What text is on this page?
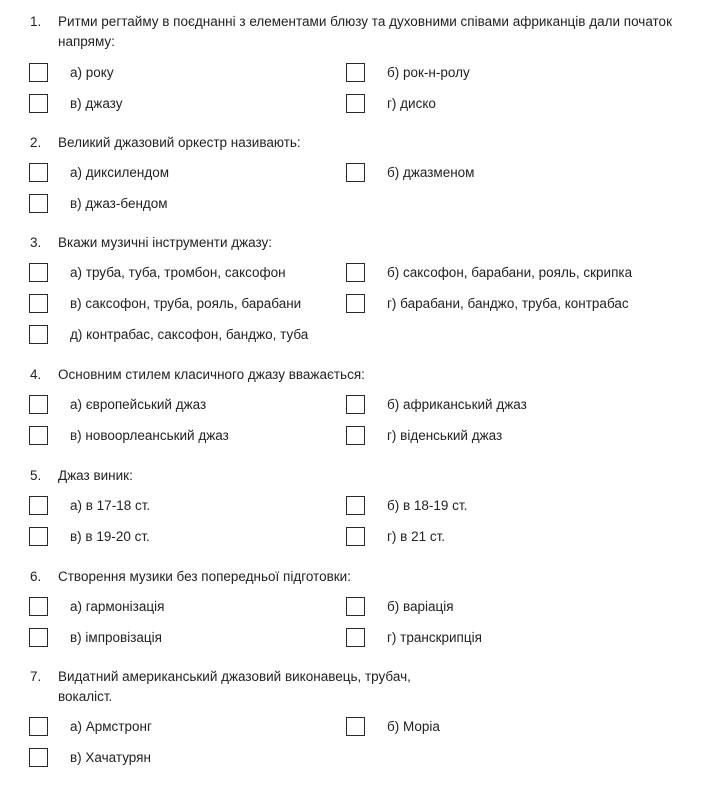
1. Ритми регтайму в поєднанні з елементами блюзу та духовними співами африканців дали початок напряму:
а) року	б) рок-н-ролу
в) джазу	г) диско
2. Великий джазовий оркестр називають:
а) диксилендом	б) джазменом
в) джаз-бендом
3. Вкажи музичні інструменти джазу:
а) труба, туба, тромбон, саксофон	б) саксофон, барабани, рояль, скрипка
в) саксофон, труба, рояль, барабани	г) барабани, банджо, труба, контрабас
д) контрабас, саксофон, банджо, туба
4. Основним стилем класичного джазу вважається:
а) європейський джаз	б) африканський джаз
в) новоорлеанський джаз	г) віденський джаз
5. Джаз виник:
а) в 17-18 ст.	б) в 18-19 ст.
в) в 19-20 ст.	г) в 21 ст.
6. Створення музики без попередньої підготовки:
а) гармонізація	б) варіація
в) імпровізація	г) транскрипція
7. Видатний американський джазовий виконавець, трубач, вокаліст.
а) Армстронг	б) Моріа
в) Хачатурян
